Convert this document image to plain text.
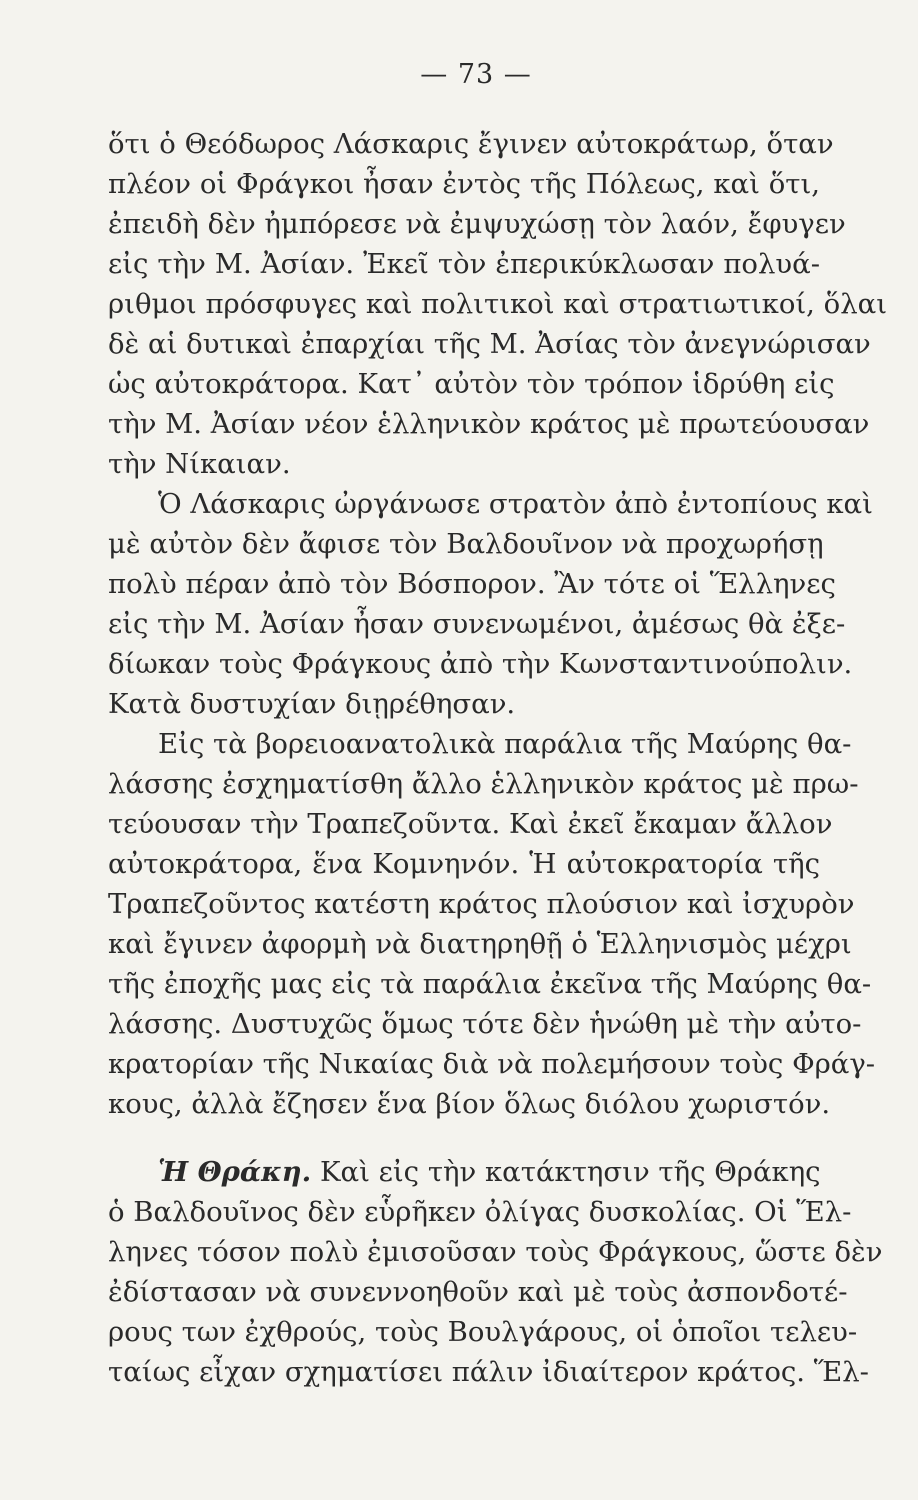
— 73 —

ὅτι ὁ Θεόδωρος Λάσκαρις ἔγινεν αὐτοκράτωρ, ὅταν
πλέον οἱ Φράγκοι ἦσαν ἐντὸς τῆς Πόλεως, καὶ ὅτι,
ἐπειδὴ δὲν ἠμπόρεσε νὰ ἐμψυχώσῃ τὸν λαόν, ἔφυγεν
εἰς τὴν Μ. Ἀσίαν. Ἐκεῖ τὸν ἐπερικύκλωσαν πολυά-
ριθμοι πρόσφυγες καὶ πολιτικοὶ καὶ στρατιωτικοί, ὅλαι
δὲ αἱ δυτικαὶ ἐπαρχίαι τῆς Μ. Ἀσίας τὸν ἀνεγνώρισαν
ὡς αὐτοκράτορα. Κατ᾿ αὐτὸν τὸν τρόπον ἱδρύθη εἰς
τὴν Μ. Ἀσίαν νέον ἑλληνικὸν κράτος μὲ πρωτεύουσαν
τὴν Νίκαιαν.

Ὁ Λάσκαρις ὠργάνωσε στρατὸν ἀπὸ ἐντοπίους καὶ
μὲ αὐτὸν δὲν ἄφισε τὸν Βαλδουῖνον νὰ προχωρήσῃ
πολὺ πέραν ἀπὸ τὸν Βόσπορον. Ἂν τότε οἱ Ἕλληνες
εἰς τὴν Μ. Ἀσίαν ἦσαν συνενωμένοι, ἀμέσως θὰ ἐξε-
δίωκαν τοὺς Φράγκους ἀπὸ τὴν Κωνσταντινούπολιν.
Κατὰ δυστυχίαν διῃρέθησαν.

Εἰς τὰ βορειοανατολικὰ παράλια τῆς Μαύρης θα-
λάσσης ἐσχηματίσθη ἄλλο ἑλληνικὸν κράτος μὲ πρω-
τεύουσαν τὴν Τραπεζοῦντα. Καὶ ἐκεῖ ἔκαμαν ἄλλον
αὐτοκράτορα, ἕνα Κομνηνόν. Ἡ αὐτοκρατορία τῆς
Τραπεζοῦντος κατέστη κράτος πλούσιον καὶ ἰσχυρὸν
καὶ ἔγινεν ἀφορμὴ νὰ διατηρηθῇ ὁ Ἑλληνισμὸς μέχρι
τῆς ἐποχῆς μας εἰς τὰ παράλια ἐκεῖνα τῆς Μαύρης θα-
λάσσης. Δυστυχῶς ὅμως τότε δὲν ἡνώθη μὲ τὴν αὐτο-
κρατορίαν τῆς Νικαίας διὰ νὰ πολεμήσουν τοὺς Φράγ-
κους, ἀλλὰ ἔζησεν ἕνα βίον ὅλως διόλου χωριστόν.

Ἡ Θράκη. Καὶ εἰς τὴν κατάκτησιν τῆς Θράκης
ὁ Βαλδουῖνος δὲν εὗρῆκεν ὀλίγας δυσκολίας. Οἱ Ἕλ-
ληνες τόσον πολὺ ἐμισοῦσαν τοὺς Φράγκους, ὥστε δὲν
ἐδίστασαν νὰ συνεννοηθοῦν καὶ μὲ τοὺς ἀσπονδοτέ-
ρους των ἐχθρούς, τοὺς Βουλγάρους, οἱ ὁποῖοι τελευ-
ταίως εἶχαν σχηματίσει πάλιν ἰδιαίτερον κράτος. Ἕλ-
